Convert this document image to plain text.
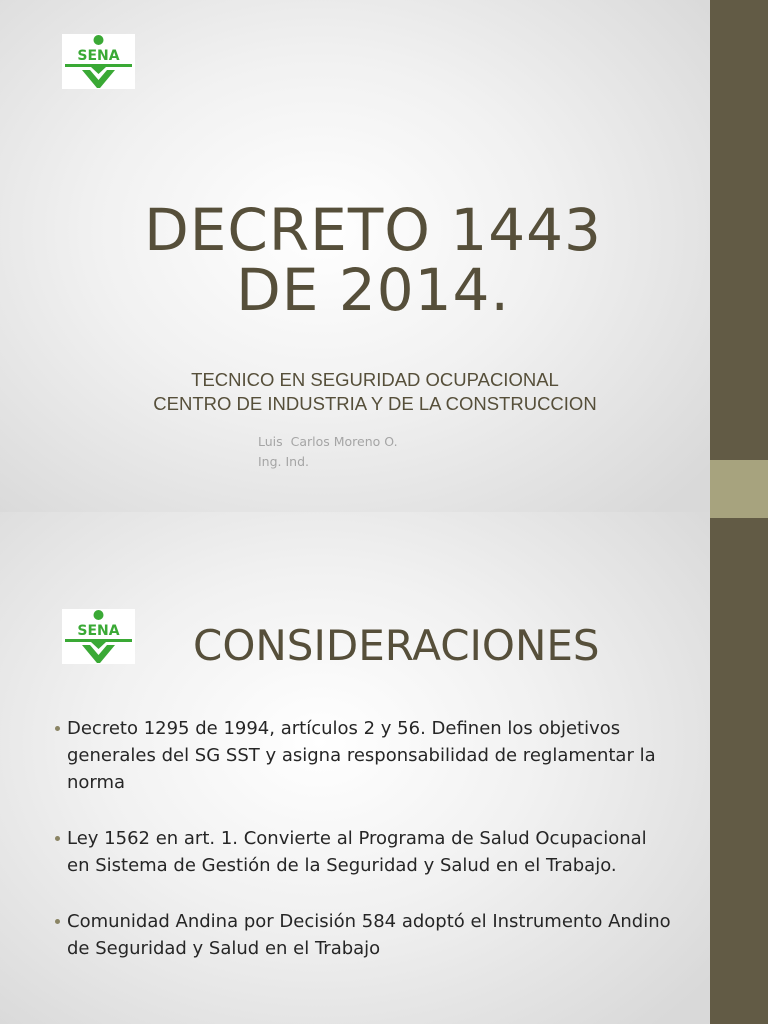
SENA
DECRETO 1443
DE 2014.
TECNICO EN SEGURIDAD OCUPACIONAL
CENTRO DE INDUSTRIA Y DE LA CONSTRUCCION
Luis  Carlos Moreno O.
Ing. Ind.
SENA CONSIDERACIONES
Decreto 1295 de 1994, artículos 2 y 56. Definen los objetivos generales del SG SST y asigna responsabilidad de reglamentar la norma
Ley 1562 en art. 1. Convierte al Programa de Salud Ocupacional en Sistema de Gestión de la Seguridad y Salud en el Trabajo.
Comunidad Andina por Decisión 584 adoptó el Instrumento Andino de Seguridad y Salud en el Trabajo
